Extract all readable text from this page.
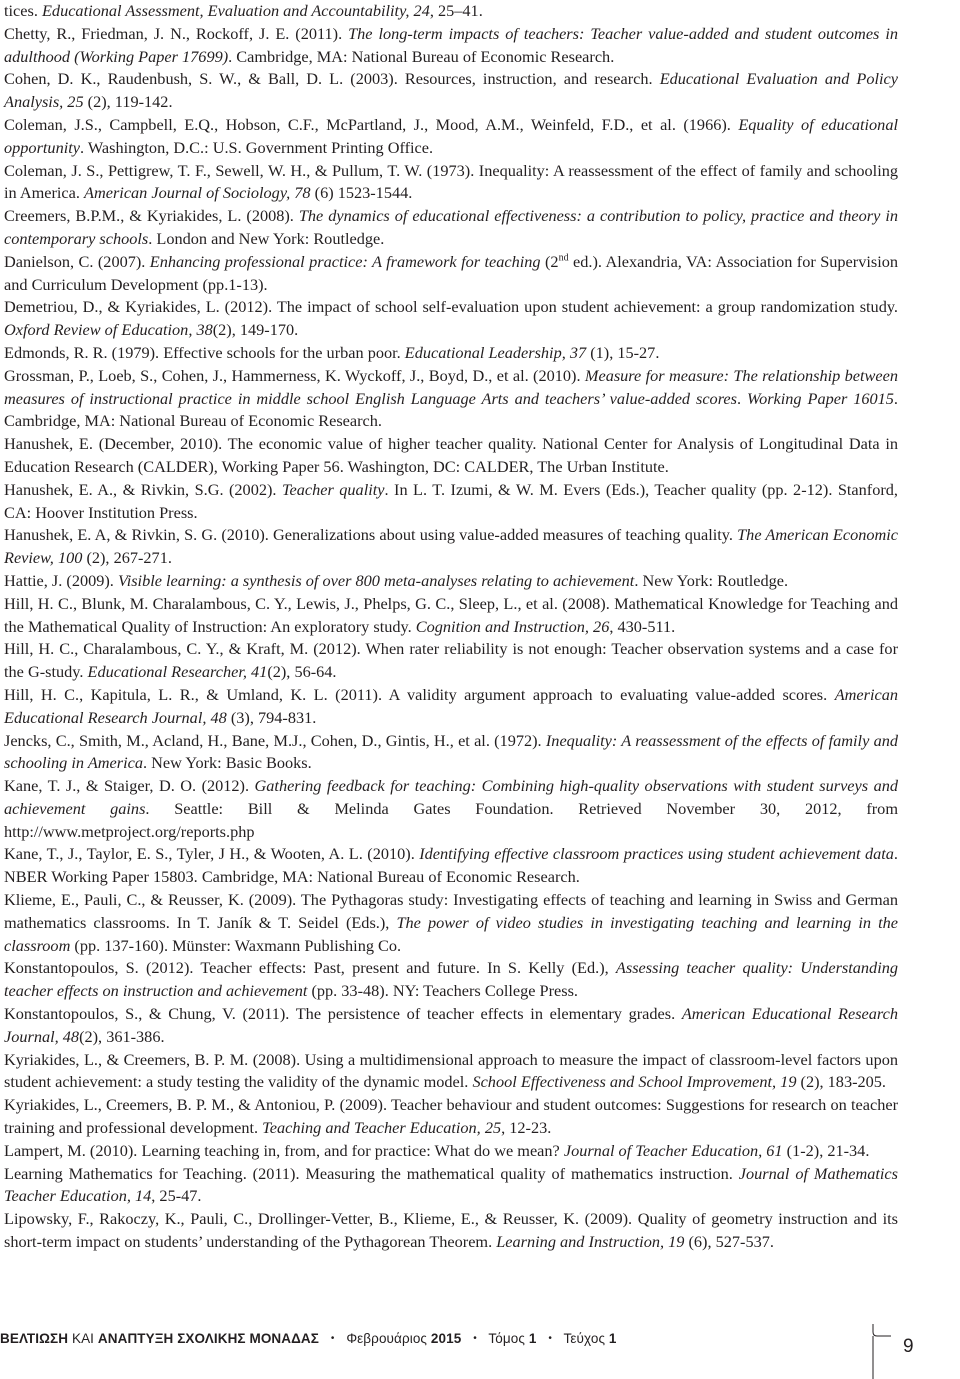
tices. Educational Assessment, Evaluation and Accountability, 24, 25–41.

Chetty, R., Friedman, J. N., Rockoff, J. E. (2011). The long-term impacts of teachers: Teacher value-added and student outcomes in adulthood (Working Paper 17699). Cambridge, MA: National Bureau of Economic Research.

Cohen, D. K., Raudenbush, S. W., & Ball, D. L. (2003). Resources, instruction, and research. Educational Evaluation and Policy Analysis, 25 (2), 119-142.

Coleman, J.S., Campbell, E.Q., Hobson, C.F., McPartland, J., Mood, A.M., Weinfeld, F.D., et al. (1966). Equality of educational opportunity. Washington, D.C.: U.S. Government Printing Office.

Coleman, J. S., Pettigrew, T. F., Sewell, W. H., & Pullum, T. W. (1973). Inequality: A reassessment of the effect of family and schooling in America. American Journal of Sociology, 78 (6) 1523-1544.

Creemers, B.P.M., & Kyriakides, L. (2008). The dynamics of educational effectiveness: a contribution to policy, practice and theory in contemporary schools. London and New York: Routledge.

Danielson, C. (2007). Enhancing professional practice: A framework for teaching (2nd ed.). Alexandria, VA: Association for Supervision and Curriculum Development (pp.1-13).

Demetriou, D., & Kyriakides, L. (2012). The impact of school self-evaluation upon student achievement: a group randomization study. Oxford Review of Education, 38(2), 149-170.

Edmonds, R. R. (1979). Effective schools for the urban poor. Educational Leadership, 37 (1), 15-27.

Grossman, P., Loeb, S., Cohen, J., Hammerness, K. Wyckoff, J., Boyd, D., et al. (2010). Measure for measure: The relationship between measures of instructional practice in middle school English Language Arts and teachers’ value-added scores. Working Paper 16015. Cambridge, MA: National Bureau of Economic Research.

Hanushek, E. (December, 2010). The economic value of higher teacher quality. National Center for Analysis of Longitudinal Data in Education Research (CALDER), Working Paper 56. Washington, DC: CALDER, The Urban Institute.

Hanushek, E. A., & Rivkin, S.G. (2002). Teacher quality. In L. T. Izumi, & W. M. Evers (Eds.), Teacher quality (pp. 2-12). Stanford, CA: Hoover Institution Press.

Hanushek, E. A, & Rivkin, S. G. (2010). Generalizations about using value-added measures of teaching quality. The American Economic Review, 100 (2), 267-271.

Hattie, J. (2009). Visible learning: a synthesis of over 800 meta-analyses relating to achievement. New York: Routledge.

Hill, H. C., Blunk, M. Charalambous, C. Y., Lewis, J., Phelps, G. C., Sleep, L., et al. (2008). Mathematical Knowledge for Teaching and the Mathematical Quality of Instruction: An exploratory study. Cognition and Instruction, 26, 430-511.

Hill, H. C., Charalambous, C. Y., & Kraft, M. (2012). When rater reliability is not enough: Teacher observation systems and a case for the G-study. Educational Researcher, 41(2), 56-64.

Hill, H. C., Kapitula, L. R., & Umland, K. L. (2011). A validity argument approach to evaluating value-added scores. American Educational Research Journal, 48 (3), 794-831.

Jencks, C., Smith, M., Acland, H., Bane, M.J., Cohen, D., Gintis, H., et al. (1972). Inequality: A reassessment of the effects of family and schooling in America. New York: Basic Books.

Kane, T. J., & Staiger, D. O. (2012). Gathering feedback for teaching: Combining high-quality observations with student surveys and achievement gains. Seattle: Bill & Melinda Gates Foundation. Retrieved November 30, 2012, from http://www.metproject.org/reports.php

Kane, T., J., Taylor, E. S., Tyler, J H., & Wooten, A. L. (2010). Identifying effective classroom practices using student achievement data. NBER Working Paper 15803. Cambridge, MA: National Bureau of Economic Research.

Klieme, E., Pauli, C., & Reusser, K. (2009). The Pythagoras study: Investigating effects of teaching and learning in Swiss and German mathematics classrooms. In T. Janík & T. Seidel (Eds.), The power of video studies in investigating teaching and learning in the classroom (pp. 137-160). Münster: Waxmann Publishing Co.

Konstantopoulos, S. (2012). Teacher effects: Past, present and future. In S. Kelly (Ed.), Assessing teacher quality: Understanding teacher effects on instruction and achievement (pp. 33-48). NY: Teachers College Press.

Konstantopoulos, S., & Chung, V. (2011). The persistence of teacher effects in elementary grades. American Educational Research Journal, 48(2), 361-386.

Kyriakides, L., & Creemers, B. P. M. (2008). Using a multidimensional approach to measure the impact of classroom-level factors upon student achievement: a study testing the validity of the dynamic model. School Effectiveness and School Improvement, 19 (2), 183-205.

Kyriakides, L., Creemers, B. P. M., & Antoniou, P. (2009). Teacher behaviour and student outcomes: Suggestions for research on teacher training and professional development. Teaching and Teacher Education, 25, 12-23.

Lampert, M. (2010). Learning teaching in, from, and for practice: What do we mean? Journal of Teacher Education, 61 (1-2), 21-34.

Learning Mathematics for Teaching. (2011). Measuring the mathematical quality of mathematics instruction. Journal of Mathematics Teacher Education, 14, 25-47.

Lipowsky, F., Rakoczy, K., Pauli, C., Drollinger-Vetter, B., Klieme, E., & Reusser, K. (2009). Quality of geometry instruction and its short-term impact on students’ understanding of the Pythagorean Theorem. Learning and Instruction, 19 (6), 527-537.

ΒΕΛΤΙΩΣΗ ΚΑΙ ΑΝΑΠΤΥΞΗ ΣΧΟΛΙΚΗΣ ΜΟΝΑΔΑΣ • Φεβρουάριος 2015 • Τόμος 1 • Τεύχος 1	9
